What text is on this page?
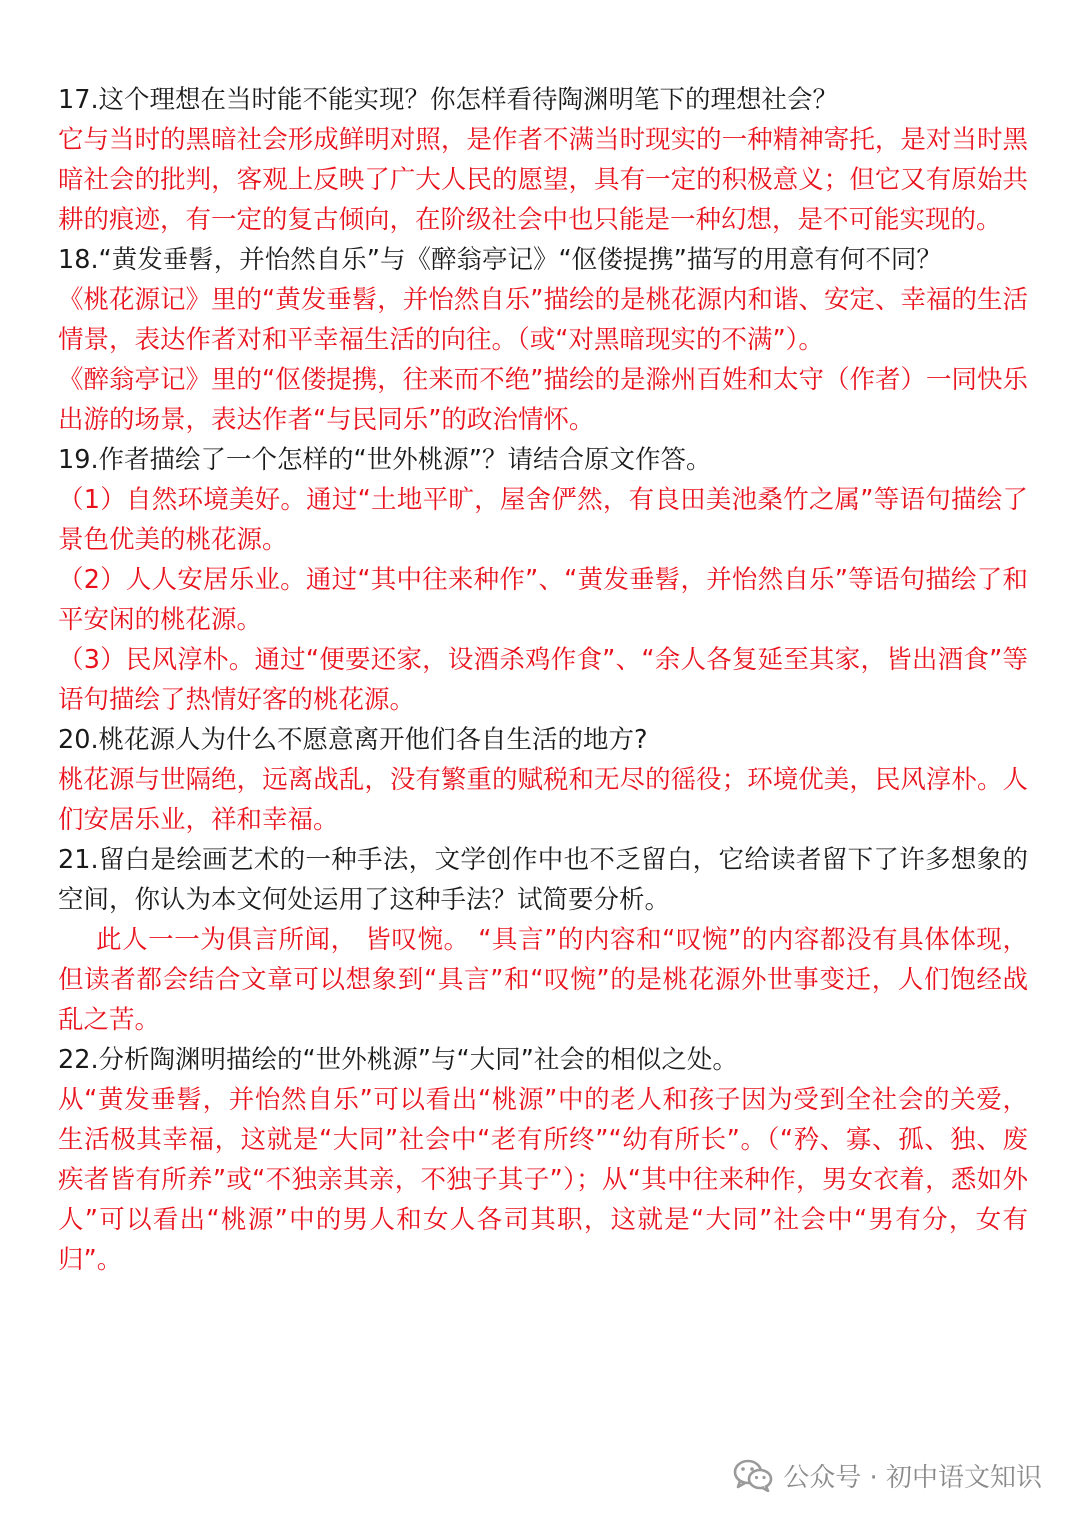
17.这个理想在当时能不能实现？你怎样看待陶渊明笔下的理想社会？

它与当时的黑暗社会形成鲜明对照，是作者不满当时现实的一种精神寄托，是对当时黑暗社会的批判，客观上反映了广大人民的愿望，具有一定的积极意义；但它又有原始共耕的痕迹，有一定的复古倾向，在阶级社会中也只能是一种幻想，是不可能实现的。

18.“黄发垂髫，并怡然自乐”与《醉翁亭记》“伛偻提携”描写的用意有何不同？

《桃花源记》里的“黄发垂髫，并怡然自乐”描绘的是桃花源内和谐、安定、幸福的生活情景，表达作者对和平幸福生活的向往。（或“对黑暗现实的不满”）。

《醉翁亭记》里的“伛偻提携，往来而不绝”描绘的是滁州百姓和太守（作者）一同快乐出游的场景，表达作者“与民同乐”的政治情怀。

19.作者描绘了一个怎样的“世外桃源”？请结合原文作答。

（1）自然环境美好。通过“土地平旷，屋舍俨然，有良田美池桑竹之属”等语句描绘了景色优美的桃花源。

（2）人人安居乐业。通过“其中往来种作”、“黄发垂髫，并怡然自乐”等语句描绘了和平安闲的桃花源。

（3）民风淳朴。通过“便要还家，设酒杀鸡作食”、“余人各复延至其家，皆出酒食”等语句描绘了热情好客的桃花源。

20.桃花源人为什么不愿意离开他们各自生活的地方?

桃花源与世隔绝，远离战乱，没有繁重的赋税和无尽的徭役；环境优美，民风淳朴。人们安居乐业，祥和幸福。

21.留白是绘画艺术的一种手法，文学创作中也不乏留白，它给读者留下了许多想象的空间，你认为本文何处运用了这种手法？试简要分析。

此人一一为俱言所闻， 皆叹惋。 “具言”的内容和“叹惋”的内容都没有具体体现，但读者都会结合文章可以想象到“具言”和“叹惋”的是桃花源外世事变迁，人们饱经战乱之苦。

22.分析陶渊明描绘的“世外桃源”与“大同”社会的相似之处。

从“黄发垂髫，并怡然自乐”可以看出“桃源”中的老人和孩子因为受到全社会的关爱，生活极其幸福，这就是“大同”社会中“老有所终”“幼有所长”。（“矜、寡、孤、独、废疾者皆有所养”或“不独亲其亲，不独子其子”）；从“其中往来种作，男女衣着，悉如外人”可以看出“桃源”中的男人和女人各司其职，这就是“大同”社会中“男有分，女有归”。

公众号 · 初中语文知识
